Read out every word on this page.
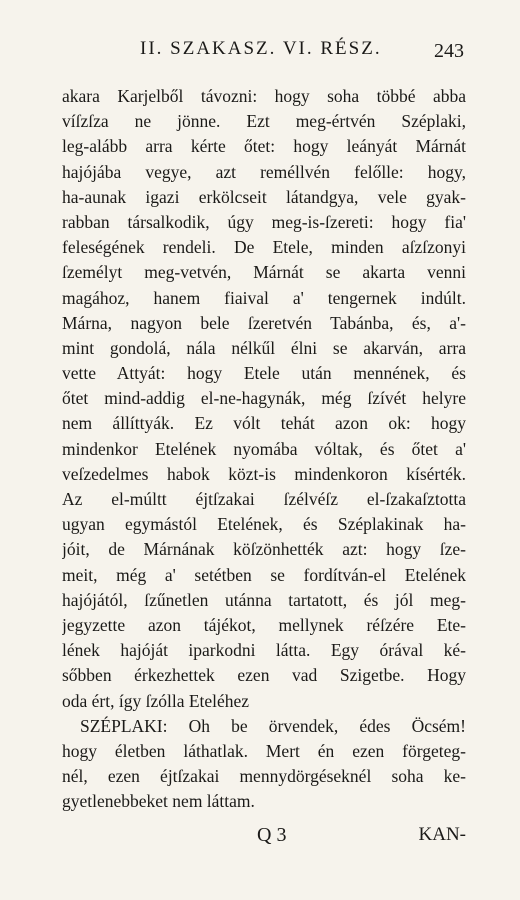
II. SZAKASZ. VI. RÉSZ.	243
akara Karjelből távozni: hogy soha többé abba
víſzſza ne jönne. Ezt meg-értvén Széplaki,
leg-alább arra kérte őtet: hogy leányát Márnát
hajójába vegye, azt reméllvén felőlle: hogy,
ha-aunak igazi erkölcseit látandgya, vele gyak-
rabban társalkodik, úgy meg-is-ſzereti: hogy fia'
feleségének rendeli. De Etele, minden aſzſzonyi
ſzemélyt meg-vetvén, Márnát se akarta venni
magához, hanem fiaival a' tengernek indúlt.
Márna, nagyon bele ſzeretvén Tabánba, és, a'-
mint gondolá, nála nélkűl élni se akarván, arra
vette Attyát: hogy Etele után mennének, és
őtet mind-addig el-ne-hagynák, még ſzívét helyre
nem állíttyák. Ez vólt tehát azon ok: hogy
mindenkor Etelének nyomába vóltak, és őtet a'
veſzedelmes habok közt-is mindenkoron kísérték.
Az el-múltt éjtſzakai ſzélvéſz el-ſzakaſztotta
ugyan egymástól Etelének, és Széplakinak ha-
jóit, de Márnának köſzönhették azt: hogy ſze-
meit, még a' setétben se fordítván-el Etelének
hajójától, ſzűnetlen utánna tartatott, és jól meg-
jegyzette azon tájékot, mellynek réſzére Ete-
lének hajóját iparkodni látta. Egy órával ké-
sőbben érkezhettek ezen vad Szigetbe. Hogy
oda ért, így ſzólla Eteléhez
SZÉPLAKI: Oh be örvendek, édes Öcsém!
hogy életben láthatlak. Mert én ezen förgeteg-
nél, ezen éjtſzakai mennydörgéseknél soha ke-
gyetlenebbeket nem láttam.
Q 3	KAN-
